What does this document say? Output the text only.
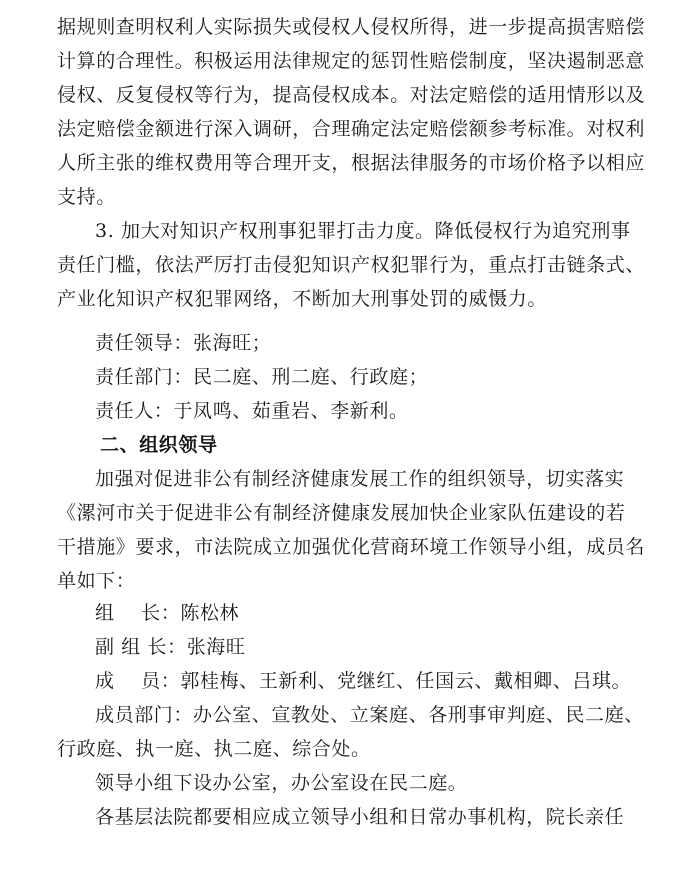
据规则查明权利人实际损失或侵权人侵权所得，进一步提高损害赔偿
计算的合理性。积极运用法律规定的惩罚性赔偿制度，坚决遏制恶意
侵权、反复侵权等行为，提高侵权成本。对法定赔偿的适用情形以及
法定赔偿金额进行深入调研，合理确定法定赔偿额参考标准。对权利
人所主张的维权费用等合理开支，根据法律服务的市场价格予以相应
支持。
3. 加大对知识产权刑事犯罪打击力度。降低侵权行为追究刑事
责任门槛，依法严厉打击侵犯知识产权犯罪行为，重点打击链条式、
产业化知识产权犯罪网络，不断加大刑事处罚的威慑力。
责任领导：张海旺；
责任部门：民二庭、刑二庭、行政庭；
责任人：于凤鸣、茹重岩、李新利。
二、组织领导
加强对促进非公有制经济健康发展工作的组织领导，切实落实
《漯河市关于促进非公有制经济健康发展加快企业家队伍建设的若
干措施》要求，市法院成立加强优化营商环境工作领导小组，成员名
单如下：
组    长：陈松林
副 组 长：张海旺
成    员：郭桂梅、王新利、党继红、任国云、戴相卿、吕琪。
成员部门：办公室、宣教处、立案庭、各刑事审判庭、民二庭、
行政庭、执一庭、执二庭、综合处。
领导小组下设办公室，办公室设在民二庭。
各基层法院都要相应成立领导小组和日常办事机构，院长亲任
